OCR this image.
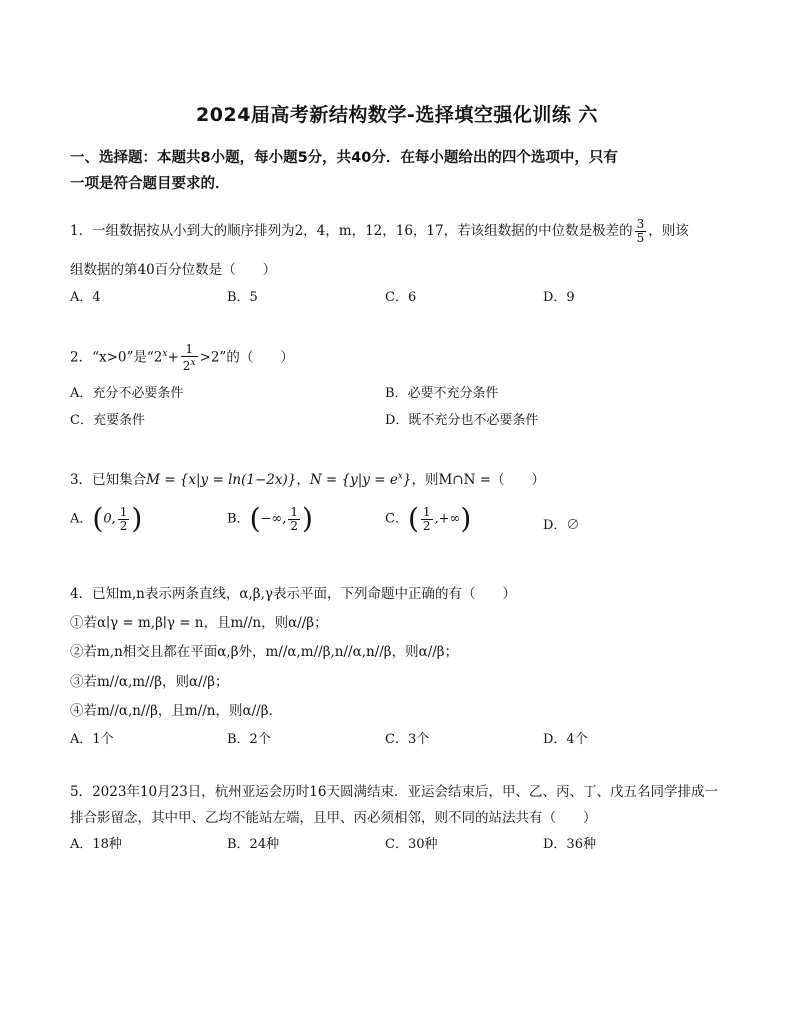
2024届高考新结构数学-选择填空强化训练 六
一、选择题：本题共8小题，每小题5分，共40分．在每小题给出的四个选项中，只有
一项是符合题目要求的．
1．一组数据按从小到大的顺序排列为2，4，m，12，16，17，若该组数据的中位数是极差的 $\frac{3}{5}$ ，则该
组数据的第40百分位数是（　　）
A．4	B．5	C．6	D．9
2．“x>0”是“$2^x+ \frac{1}{2^x} >2$”的（　　）
A．充分不必要条件	B．必要不充分条件
C．充要条件	D．既不充分也不必要条件
3．已知集合M = {x|y = ln(1−2x)}，$N = \{y|y = e^x\}$，则M∩N =（　　）
A．(0, $\frac{1}{2}$ )	B．(−∞, $\frac{1}{2}$ )	C．( $\frac{1}{2}$ ,+∞)	D．∅
4．已知m,n表示两条直线，α,β,γ表示平面，下列命题中正确的有（　　）
①若α∣γ = m,β∣γ = n，且m//n，则α//β；
②若m,n相交且都在平面α,β外，m//α,m//β,n//α,n//β，则α//β；
③若m//α,m//β，则α//β；
④若m//α,n//β，且m//n，则α//β．
A．1个	B．2个	C．3个	D．4个
5．2023年10月23日，杭州亚运会历时16天圆满结束．亚运会结束后，甲、乙、丙、丁、戊五名同学排成一
排合影留念，其中甲、乙均不能站左端，且甲、丙必须相邻，则不同的站法共有（　　）
A．18种	B．24种	C．30种	D．36种
